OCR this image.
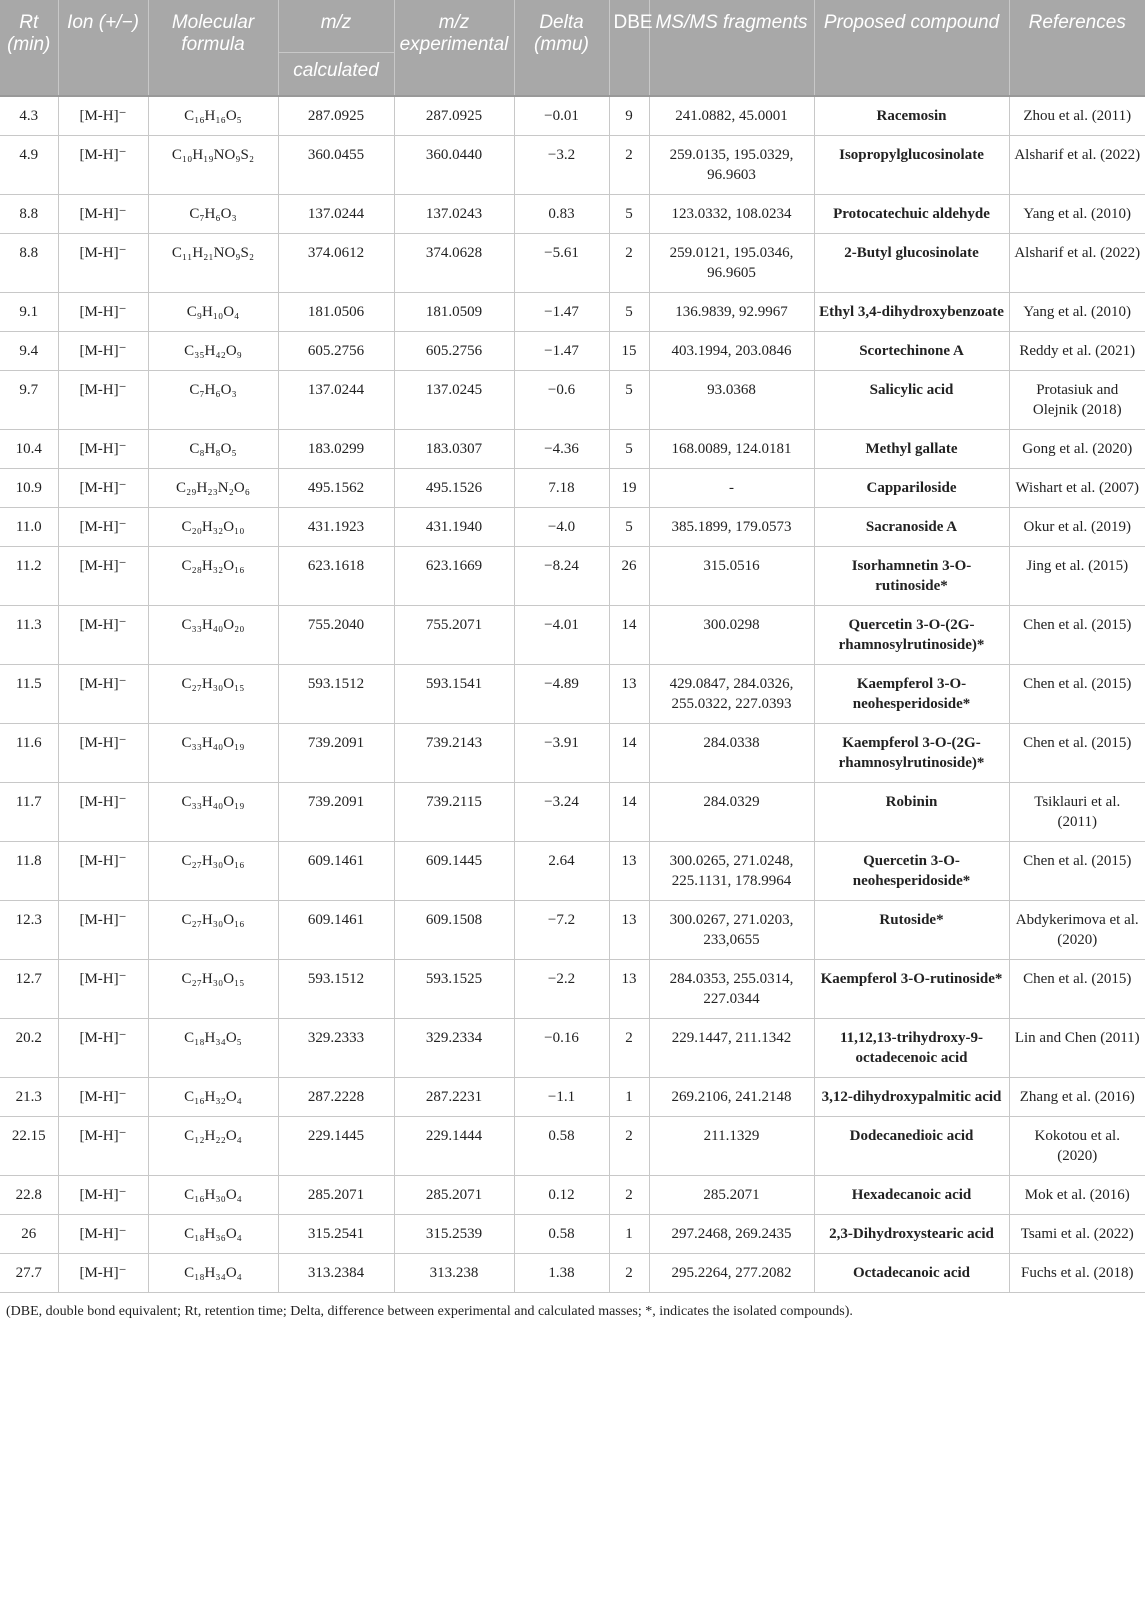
Rt (min)	Ion (+/−)	Molecular formula	m/z	m/z experimental	Delta (mmu)	DBE	MS/MS fragments	Proposed compound	References
			calculated						
4.3	[M-H]⁻	C₁₆H₁₆O₅	287.0925	287.0925	−0.01	9	241.0882, 45.0001	Racemosin	Zhou et al. (2011)
4.9	[M-H]⁻	C₁₀H₁₉NO₉S₂	360.0455	360.0440	−3.2	2	259.0135, 195.0329, 96.9603	Isopropylglucosinolate	Alsharif et al. (2022)
8.8	[M-H]⁻	C₇H₆O₃	137.0244	137.0243	0.83	5	123.0332, 108.0234	Protocatechuic aldehyde	Yang et al. (2010)
8.8	[M-H]⁻	C₁₁H₂₁NO₉S₂	374.0612	374.0628	−5.61	2	259.0121, 195.0346, 96.9605	2-Butyl glucosinolate	Alsharif et al. (2022)
9.1	[M-H]⁻	C₉H₁₀O₄	181.0506	181.0509	−1.47	5	136.9839, 92.9967	Ethyl 3,4-dihydroxybenzoate	Yang et al. (2010)
9.4	[M-H]⁻	C₃₅H₄₂O₉	605.2756	605.2756	−1.47	15	403.1994, 203.0846	Scortechinone A	Reddy et al. (2021)
9.7	[M-H]⁻	C₇H₆O₃	137.0244	137.0245	−0.6	5	93.0368	Salicylic acid	Protasiuk and Olejnik (2018)
10.4	[M-H]⁻	C₈H₈O₅	183.0299	183.0307	−4.36	5	168.0089, 124.0181	Methyl gallate	Gong et al. (2020)
10.9	[M-H]⁻	C₂₉H₂₃N₂O₆	495.1562	495.1526	7.18	19	-	Cappariloside	Wishart et al. (2007)
11.0	[M-H]⁻	C₂₀H₃₂O₁₀	431.1923	431.1940	−4.0	5	385.1899, 179.0573	Sacranoside A	Okur et al. (2019)
11.2	[M-H]⁻	C₂₈H₃₂O₁₆	623.1618	623.1669	−8.24	26	315.0516	Isorhamnetin 3-O-rutinoside*	Jing et al. (2015)
11.3	[M-H]⁻	C₃₃H₄₀O₂₀	755.2040	755.2071	−4.01	14	300.0298	Quercetin 3-O-(2G-rhamnosylrutinoside)*	Chen et al. (2015)
11.5	[M-H]⁻	C₂₇H₃₀O₁₅	593.1512	593.1541	−4.89	13	429.0847, 284.0326, 255.0322, 227.0393	Kaempferol 3-O-neohesperidoside*	Chen et al. (2015)
11.6	[M-H]⁻	C₃₃H₄₀O₁₉	739.2091	739.2143	−3.91	14	284.0338	Kaempferol 3-O-(2G-rhamnosylrutinoside)*	Chen et al. (2015)
11.7	[M-H]⁻	C₃₃H₄₀O₁₉	739.2091	739.2115	−3.24	14	284.0329	Robinin	Tsiklauri et al. (2011)
11.8	[M-H]⁻	C₂₇H₃₀O₁₆	609.1461	609.1445	2.64	13	300.0265, 271.0248, 225.1131, 178.9964	Quercetin 3-O-neohesperidoside*	Chen et al. (2015)
12.3	[M-H]⁻	C₂₇H₃₀O₁₆	609.1461	609.1508	−7.2	13	300.0267, 271.0203, 233,0655	Rutoside*	Abdykerimova et al. (2020)
12.7	[M-H]⁻	C₂₇H₃₀O₁₅	593.1512	593.1525	−2.2	13	284.0353, 255.0314, 227.0344	Kaempferol 3-O-rutinoside*	Chen et al. (2015)
20.2	[M-H]⁻	C₁₈H₃₄O₅	329.2333	329.2334	−0.16	2	229.1447, 211.1342	11,12,13-trihydroxy-9-octadecenoic acid	Lin and Chen (2011)
21.3	[M-H]⁻	C₁₆H₃₂O₄	287.2228	287.2231	−1.1	1	269.2106, 241.2148	3,12-dihydroxypalmitic acid	Zhang et al. (2016)
22.15	[M-H]⁻	C₁₂H₂₂O₄	229.1445	229.1444	0.58	2	211.1329	Dodecanedioic acid	Kokotou et al. (2020)
22.8	[M-H]⁻	C₁₆H₃₀O₄	285.2071	285.2071	0.12	2	285.2071	Hexadecanoic acid	Mok et al. (2016)
26	[M-H]⁻	C₁₈H₃₆O₄	315.2541	315.2539	0.58	1	297.2468, 269.2435	2,3-Dihydroxystearic acid	Tsami et al. (2022)
27.7	[M-H]⁻	C₁₈H₃₄O₄	313.2384	313.238	1.38	2	295.2264, 277.2082	Octadecanoic acid	Fuchs et al. (2018)
(DBE, double bond equivalent; Rt, retention time; Delta, difference between experimental and calculated masses; *, indicates the isolated compounds).
